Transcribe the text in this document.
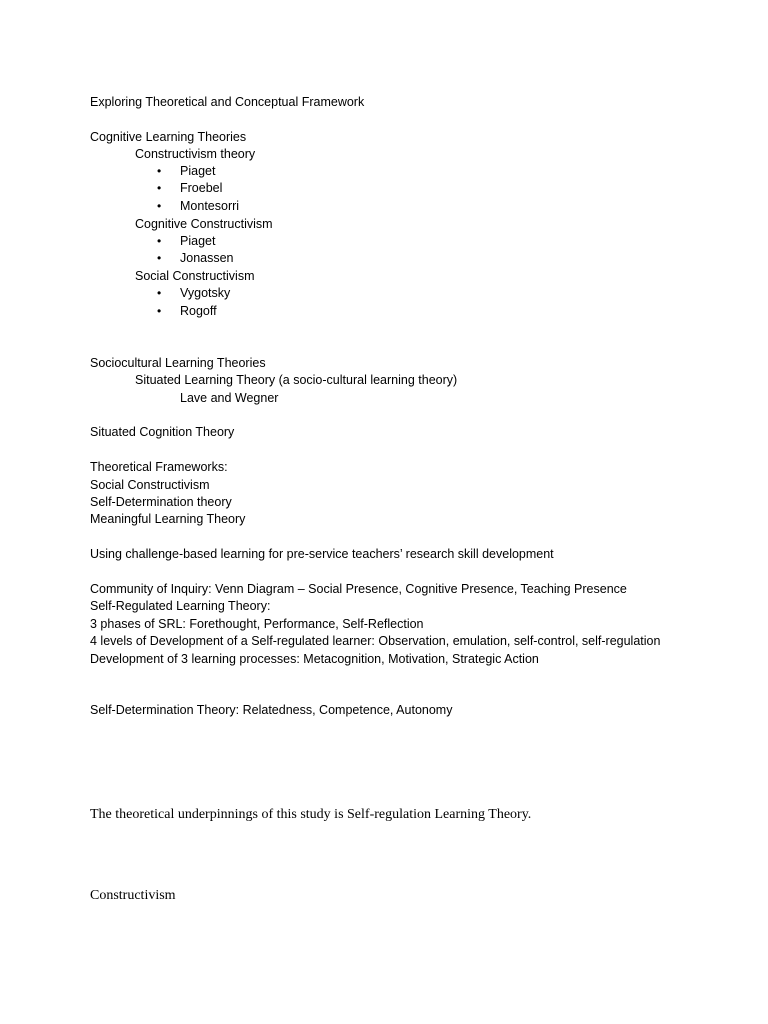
Exploring Theoretical and Conceptual Framework
Cognitive Learning Theories
Constructivism theory
• Piaget
• Froebel
• Montesorri
Cognitive Constructivism
• Piaget
• Jonassen
Social Constructivism
• Vygotsky
• Rogoff
Sociocultural Learning Theories
Situated Learning Theory (a socio-cultural learning theory)
Lave and Wegner
Situated Cognition Theory
Theoretical Frameworks:
Social Constructivism
Self-Determination theory
Meaningful Learning Theory
Using challenge-based learning for pre-service teachers’ research skill development
Community of Inquiry: Venn Diagram – Social Presence, Cognitive Presence, Teaching Presence
Self-Regulated Learning Theory:
3 phases of SRL: Forethought, Performance, Self-Reflection
4 levels of Development of a Self-regulated learner: Observation, emulation, self-control, self-regulation
Development of 3 learning processes: Metacognition, Motivation, Strategic Action
Self-Determination Theory: Relatedness, Competence, Autonomy
The theoretical underpinnings of this study is Self-regulation Learning Theory.
Constructivism
